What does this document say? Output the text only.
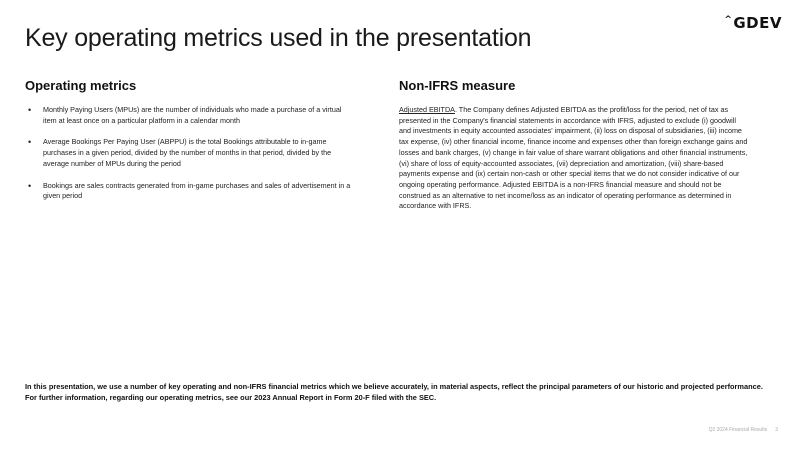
Key operating metrics used in the presentation
^ GDEV
Operating metrics
• Monthly Paying Users (MPUs) are the number of individuals who made a purchase of a virtual item at least once on a particular platform in a calendar month
• Average Bookings Per Paying User (ABPPU) is the total Bookings attributable to in-game purchases in a given period, divided by the number of months in that period, divided by the average number of MPUs during the period
• Bookings are sales contracts generated from in-game purchases and sales of advertisement in a given period
Non-IFRS measure

Adjusted EBITDA. The Company defines Adjusted EBITDA as the profit/loss for the period, net of tax as presented in the Company's financial statements in accordance with IFRS, adjusted to exclude (i) goodwill and investments in equity accounted associates' impairment, (ii) loss on disposal of subsidiaries, (iii) income tax expense, (iv) other financial income, finance income and expenses other than foreign exchange gains and losses and bank charges, (v) change in fair value of share warrant obligations and other financial instruments, (vi) share of loss of equity-accounted associates, (vii) depreciation and amortization, (viii) share-based payments expense and (ix) certain non-cash or other special items that we do not consider indicative of our ongoing operating performance. Adjusted EBITDA is a non-IFRS financial measure and should not be construed as an alternative to net income/loss as an indicator of operating performance as determined in accordance with IFRS.

In this presentation, we use a number of key operating and non-IFRS financial metrics which we believe accurately, in material aspects, reflect the principal parameters of our historic and projected performance. For further information, regarding our operating metrics, see our 2023 Annual Report in Form 20-F filed with the SEC.

Q2 2024 Financial Results 3
